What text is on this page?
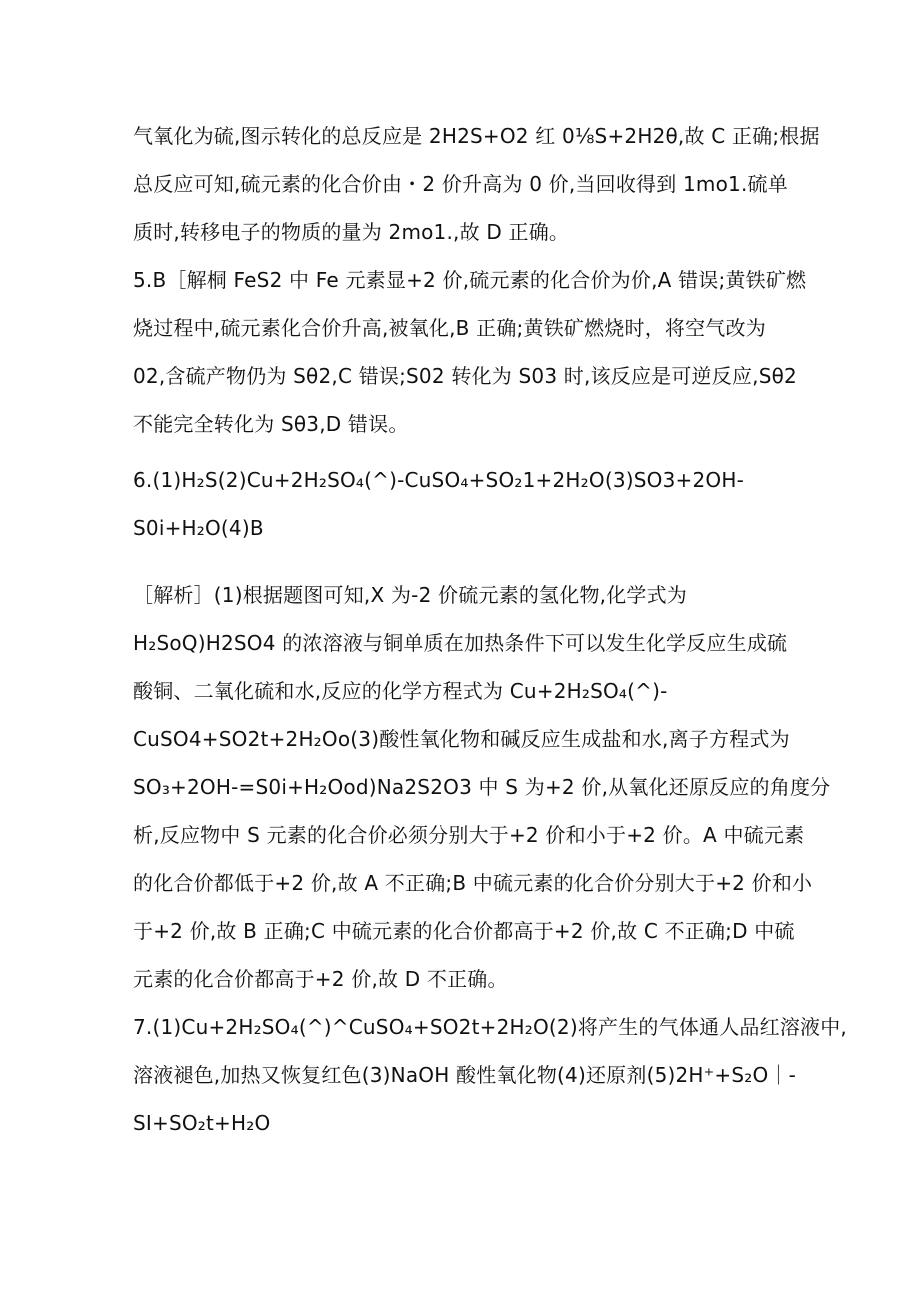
气氧化为硫,图示转化的总反应是 2H2S+O2 红 0⅛S+2H2θ,故 C 正确;根据
总反应可知,硫元素的化合价由・2 价升高为 0 价,当回收得到 1mo1.硫单
质时,转移电子的物质的量为 2mo1.,故 D 正确。
5.B［解桐 FeS2 中 Fe 元素显+2 价,硫元素的化合价为价,A 错误;黄铁矿燃
烧过程中,硫元素化合价升高,被氧化,B 正确;黄铁矿燃烧时，将空气改为
02,含硫产物仍为 Sθ2,C 错误;S02 转化为 S03 时,该反应是可逆反应,Sθ2
不能完全转化为 Sθ3,D 错误。
6.(1)H₂S(2)Cu+2H₂SO₄(^)-CuSO₄+SO₂1+2H₂O(3)SO3+2OH-
S0i+H₂O(4)B
［解析］(1)根据题图可知,X 为-2 价硫元素的氢化物,化学式为
H₂SoQ)H2SO4 的浓溶液与铜单质在加热条件下可以发生化学反应生成硫
酸铜、二氧化硫和水,反应的化学方程式为 Cu+2H₂SO₄(^)-
CuSO4+SO2t+2H₂Oo(3)酸性氧化物和碱反应生成盐和水,离子方程式为
SO₃+2OH-=S0i+H₂Ood)Na2S2O3 中 S 为+2 价,从氧化还原反应的角度分
析,反应物中 S 元素的化合价必须分别大于+2 价和小于+2 价。A 中硫元素
的化合价都低于+2 价,故 A 不正确;B 中硫元素的化合价分别大于+2 价和小
于+2 价,故 B 正确;C 中硫元素的化合价都高于+2 价,故 C 不正确;D 中硫
元素的化合价都高于+2 价,故 D 不正确。
7.(1)Cu+2H₂SO₄(^)^CuSO₄+SO2t+2H₂O(2)将产生的气体通人品红溶液中,
溶液褪色,加热又恢复红色(3)NaOH 酸性氧化物(4)还原剂(5)2H⁺+S₂O｜-
SI+SO₂t+H₂O
